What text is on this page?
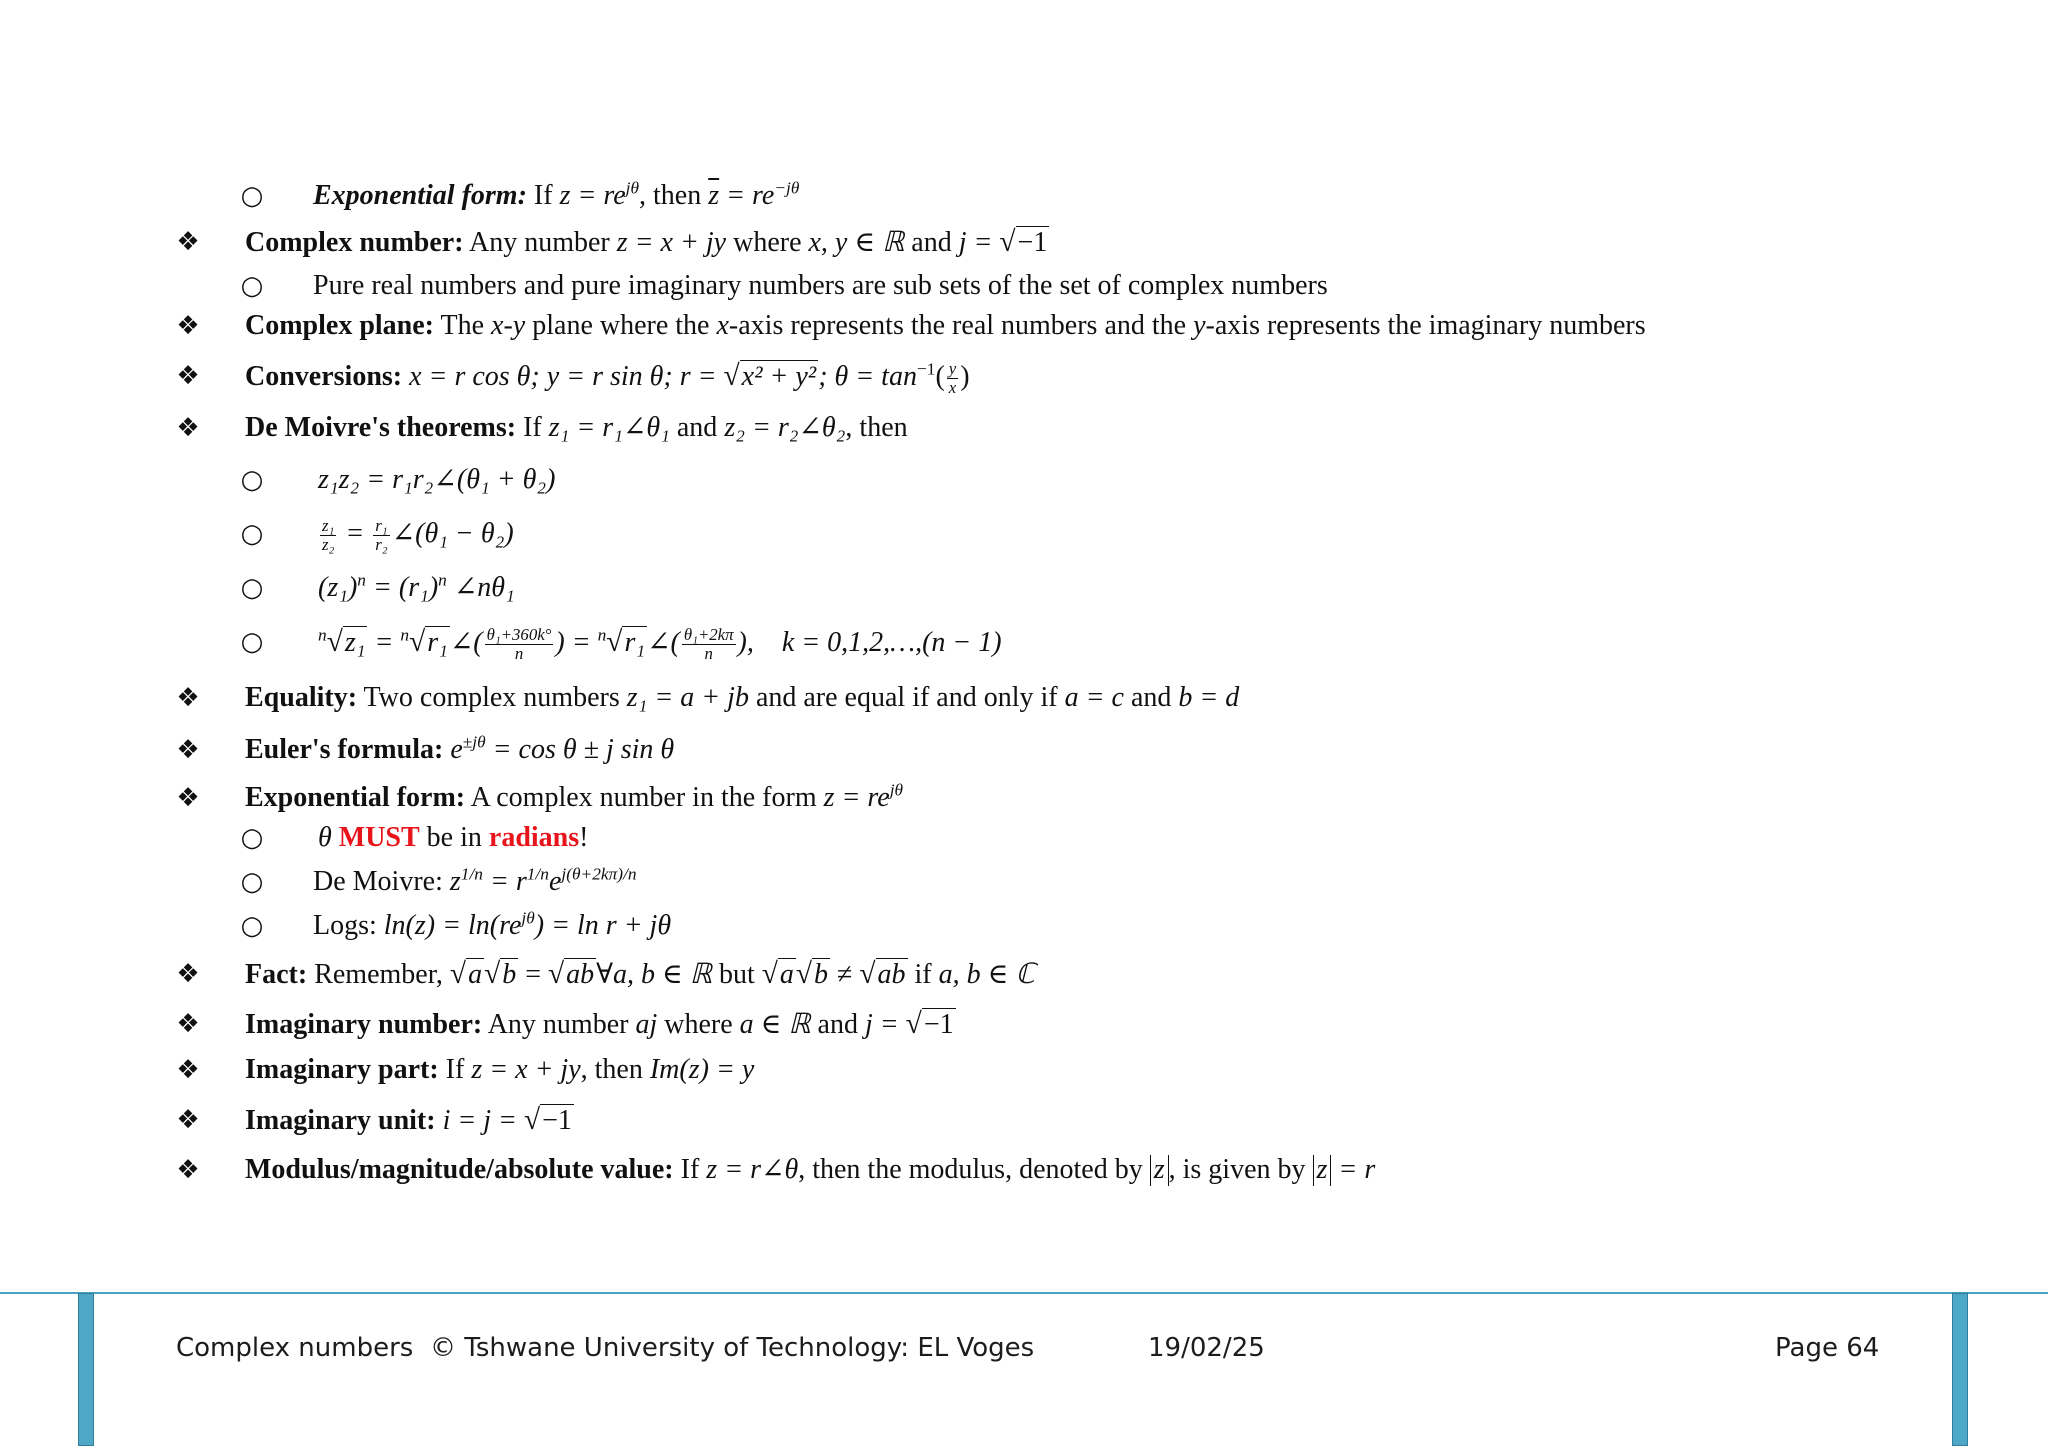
○	Exponential form: If $z = re^{j\theta}$, then $\overline{z} = re^{-j\theta}$
❖ Complex number: Any number z = x + jy where x, y ∈ ℝ and j = √−1
○	Pure real numbers and pure imaginary numbers are sub sets of the set of complex numbers
❖ Complex plane: The x-y plane where the x-axis represents the real numbers and the y-axis represents the imaginary numbers
❖ Conversions: x = r cos θ; y = r sin θ; r = √x² + y²; $\theta = \tan^{-1}( \frac{y}{x}$ )
❖ De Moivre's theorems: If z₁ = r₁∠θ₁ and z₂ = r₂∠θ₂, then
○	z₁z₂ = r₁r₂∠(θ₁ + θ₂)
○	$\frac{\text{z₁}}{\text{z₂}} = \frac{\text{r₁}}{\text{r₂}}$ ∠(θ₁ − θ₂)
○	$(z_1)^n = (r_1)^n$ ∠nθ₁
○	$^n$√z₁ = $^n$√r₁∠( $\frac{\text{θ₁+360k°}}{n}$ ) = $^n$√r₁∠( $\frac{\text{θ₁+2kπ}}{n}$ ), k = 0,1,2,…,(n − 1)
❖ Equality: Two complex numbers z₁ = a + jb and are equal if and only if a = c and b = d
❖ Euler's formula: $e^{\pm j\theta} = \cos \theta \pm j$ sin θ
❖ Exponential form: A complex number in the form $z = re^{j\theta}$
○	θ MUST be in radians!
○	De Moivre: $z^{1/n} = r^{1/n}e^{j(\theta+2k\pi)/n}$
○	Logs: $\ln(z) = \ln(re^{j\theta}) = \ln r + j\theta$
❖ Fact: Remember, √a√b = √ab∀a, b ∈ ℝ but √a√b ≠ √ab if a, b ∈ ℂ
❖ Imaginary number: Any number aj where a ∈ ℝ and j = √−1
❖ Imaginary part: If z = x + jy, then Im(z) = y
❖ Imaginary unit: i = j = √−1
❖ Modulus/magnitude/absolute value: If z = r∠θ, then the modulus, denoted by z , is given by z = r
Complex numbers © Tshwane University of Technology: EL Voges	19/02/25	Page 64
